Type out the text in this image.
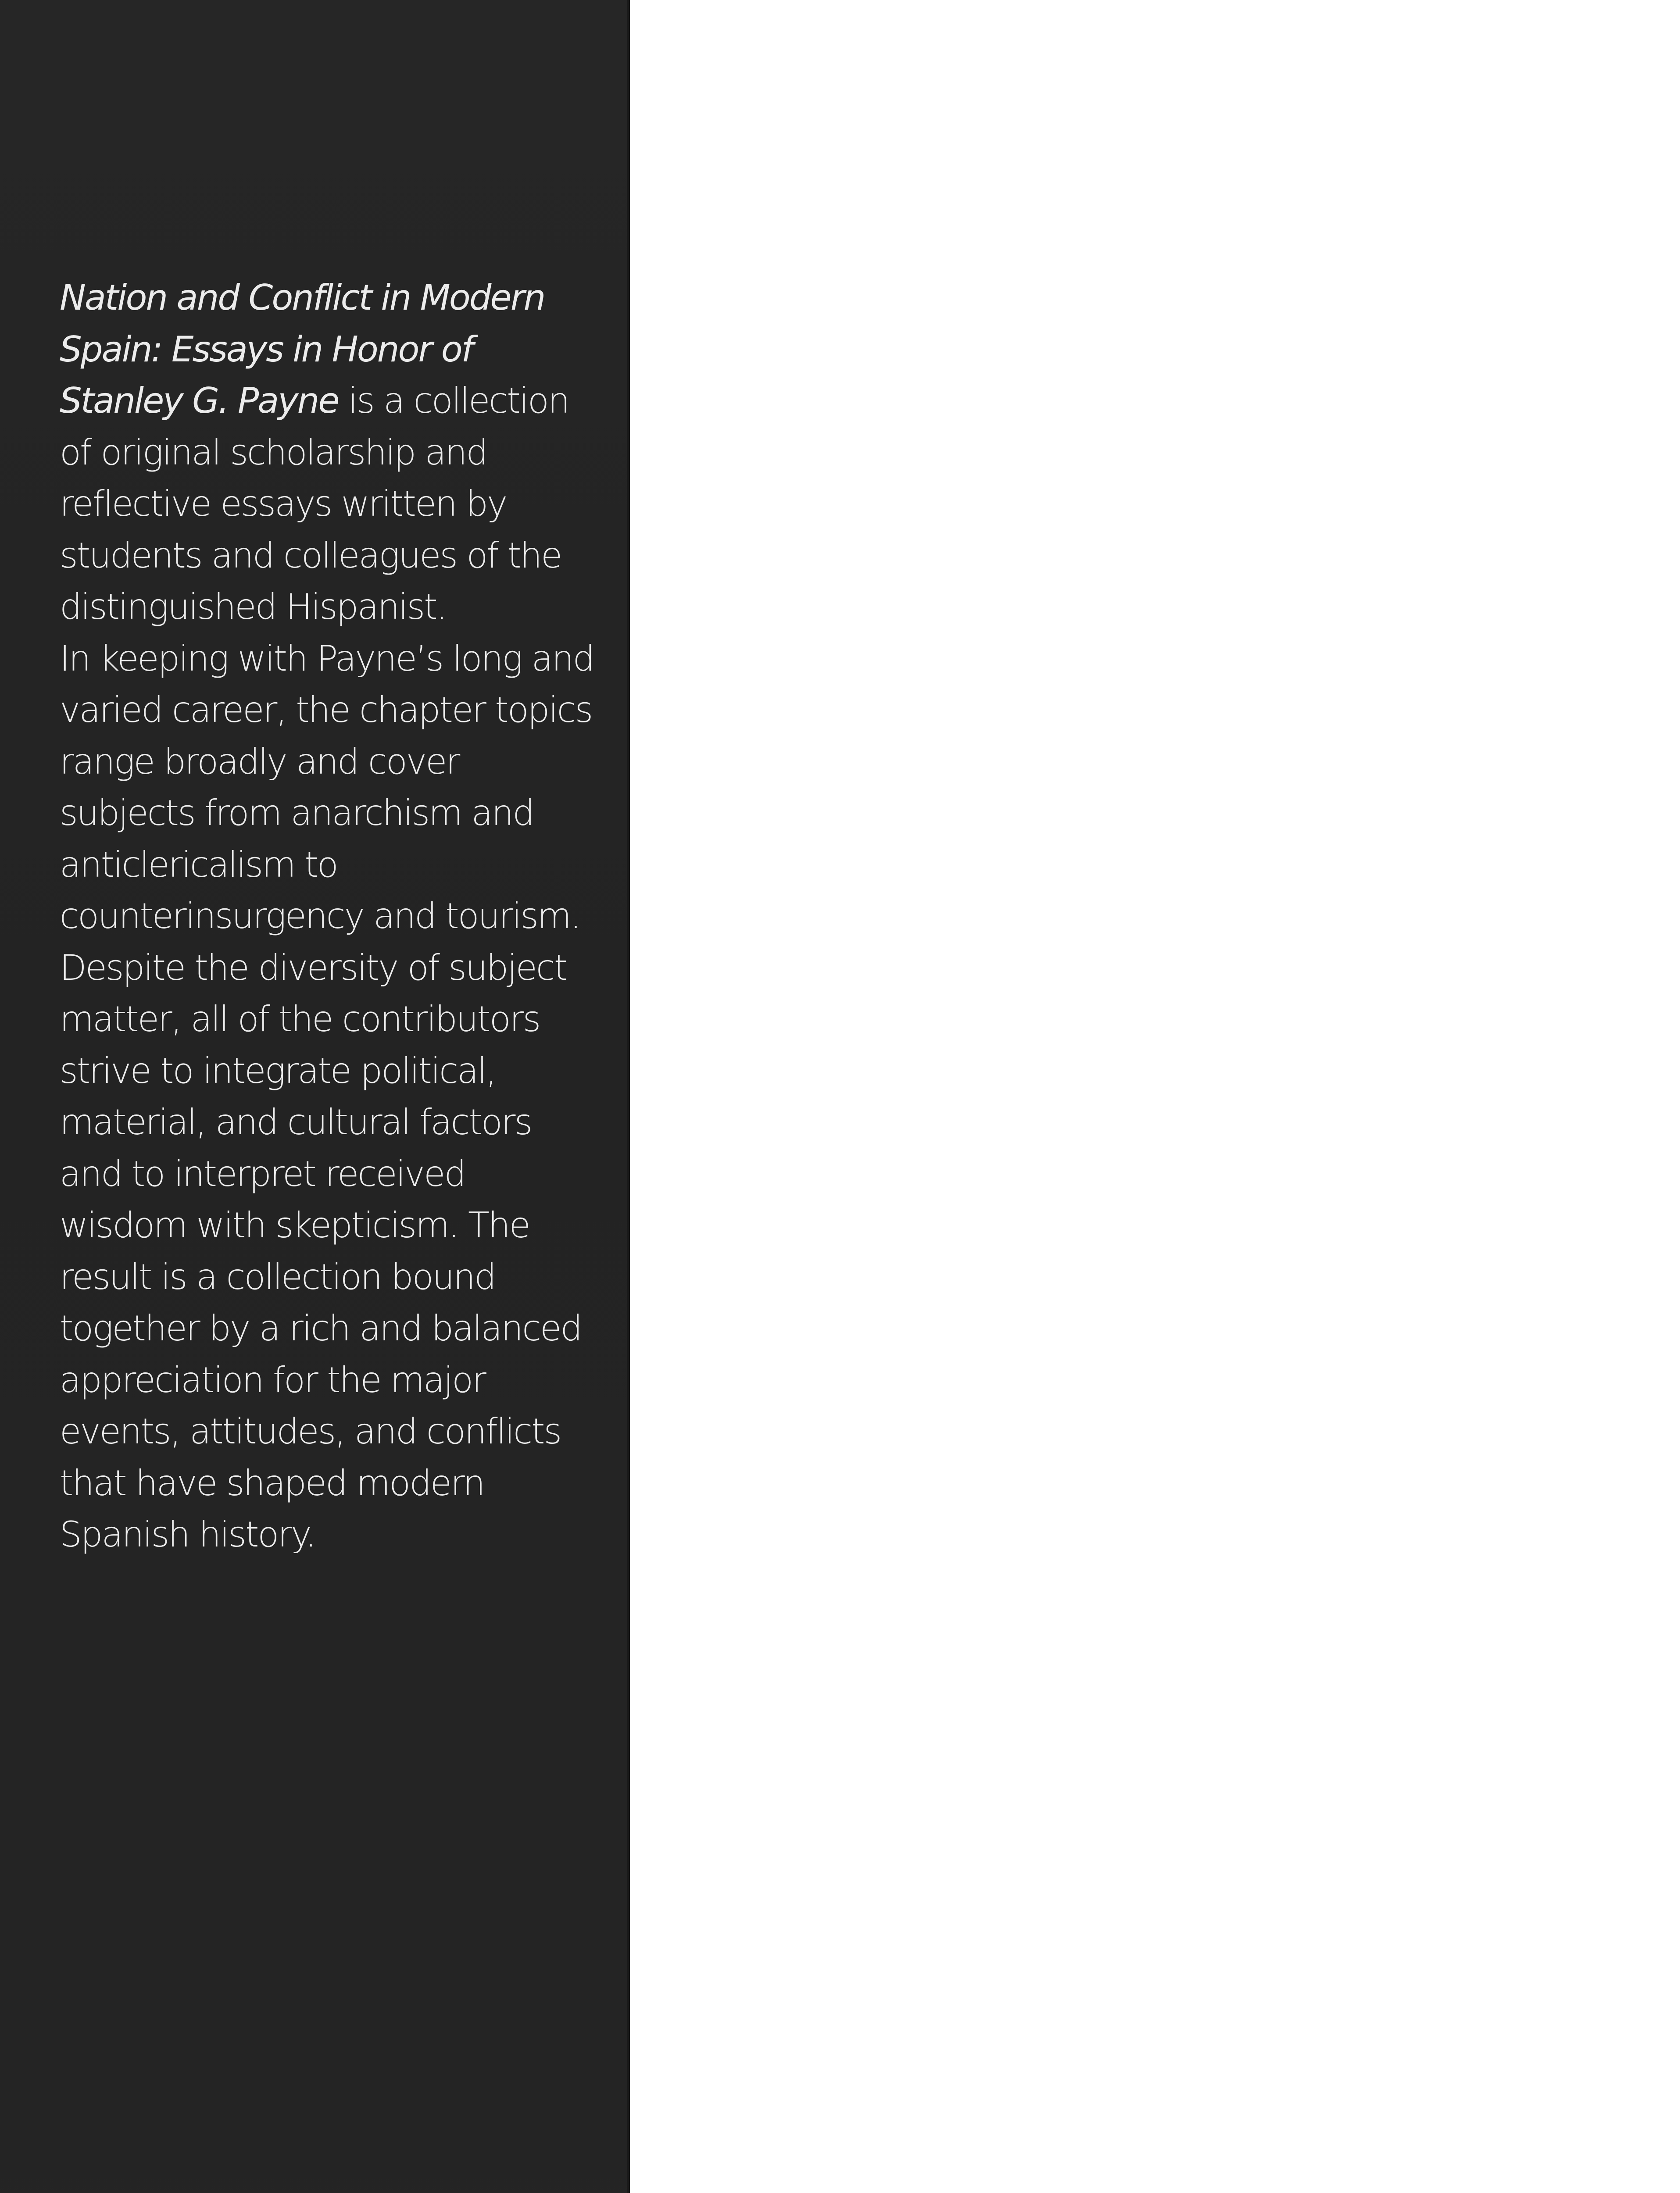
Nation and Conflict in Modern Spain: Essays in Honor of Stanley G. Payne is a collection of original scholarship and reflective essays written by students and colleagues of the distinguished Hispanist.
In keeping with Payne’s long and varied career, the chapter topics range broadly and cover subjects from anarchism and anticlericalism to counterinsurgency and tourism. Despite the diversity of subject matter, all of the contributors strive to integrate political, material, and cultural factors and to interpret received wisdom with skepticism. The result is a collection bound together by a rich and balanced appreciation for the major events, attitudes, and conflicts that have shaped modern Spanish history.
